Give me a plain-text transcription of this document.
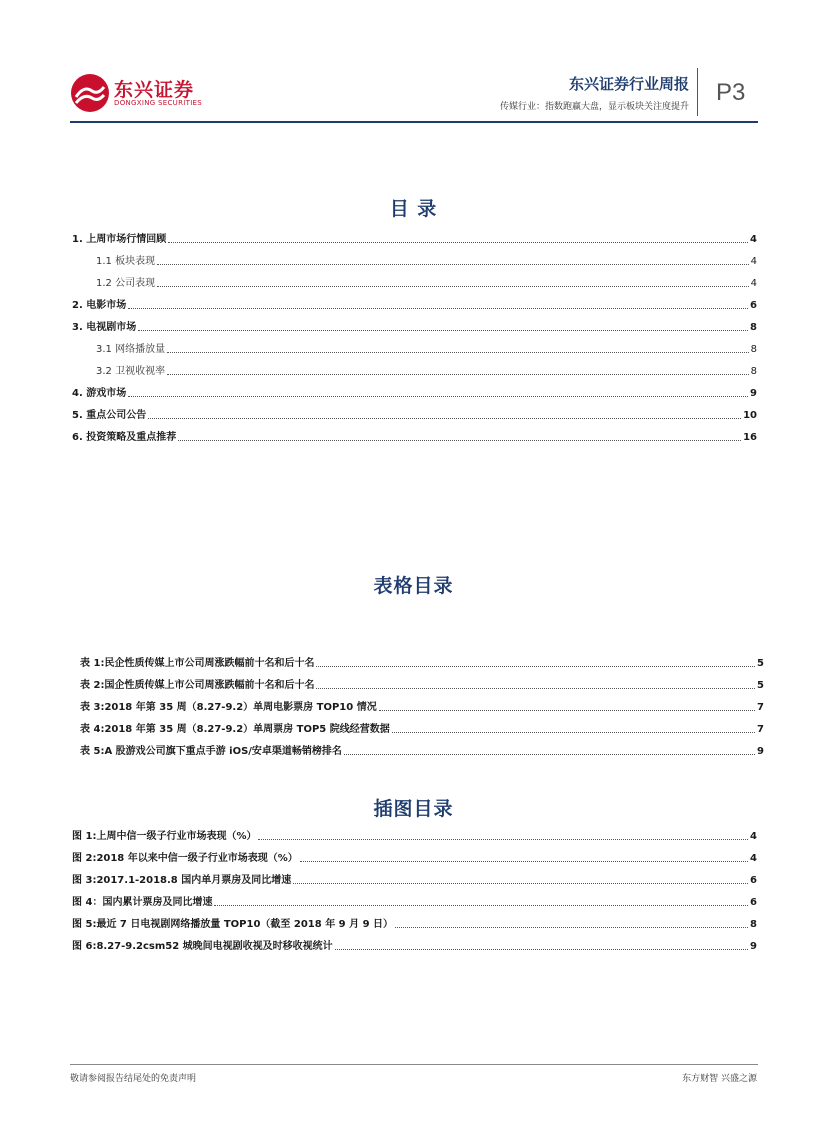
东兴证券
DONGXING SECURITIES
东兴证券行业周报
传媒行业：指数跑赢大盘，显示板块关注度提升
P3
目 录
1. 上周市场行情回顾	4
1.1 板块表现	4
1.2 公司表现	4
2. 电影市场	6
3. 电视剧市场	8
3.1 网络播放量	8
3.2 卫视收视率	8
4. 游戏市场	9
5. 重点公司公告	10
6. 投资策略及重点推荐	16
表格目录
表 1:民企性质传媒上市公司周涨跌幅前十名和后十名	5
表 2:国企性质传媒上市公司周涨跌幅前十名和后十名	5
表 3:2018 年第 35 周（8.27-9.2）单周电影票房 TOP10 情况	7
表 4:2018 年第 35 周（8.27-9.2）单周票房 TOP5 院线经营数据	7
表 5:A 股游戏公司旗下重点手游 iOS/安卓渠道畅销榜排名	9
插图目录
图 1:上周中信一级子行业市场表现（%）	4
图 2:2018 年以来中信一级子行业市场表现（%）	4
图 3:2017.1-2018.8 国内单月票房及同比增速	6
图 4：国内累计票房及同比增速	6
图 5:最近 7 日电视剧网络播放量 TOP10（截至 2018 年 9 月 9 日）	8
图 6:8.27-9.2csm52 城晚间电视剧收视及时移收视统计	9
敬请参阅报告结尾处的免责声明	东方财智 兴盛之源
